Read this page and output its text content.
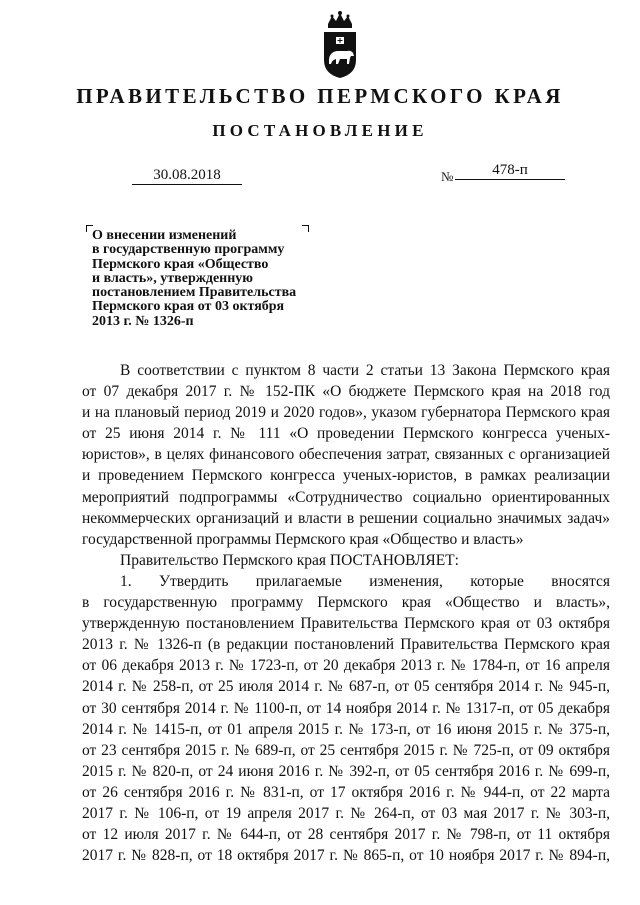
ПРАВИТЕЛЬСТВО ПЕРМСКОГО КРАЯ
ПОСТАНОВЛЕНИЕ
30.08.2018	№	478-п
О внесении изменений
в государственную программу
Пермского края «Общество
и власть», утвержденную
постановлением Правительства
Пермского края от 03 октября
2013 г. № 1326-п
В соответствии с пунктом 8 части 2 статьи 13 Закона Пермского края
от 07 декабря 2017 г. № 152-ПК «О бюджете Пермского края на 2018 год
и на плановый период 2019 и 2020 годов», указом губернатора Пермского края
от 25 июня 2014 г. № 111 «О проведении Пермского конгресса ученых-
юристов», в целях финансового обеспечения затрат, связанных с организацией
и проведением Пермского конгресса ученых-юристов, в рамках реализации
мероприятий подпрограммы «Сотрудничество социально ориентированных
некоммерческих организаций и власти в решении социально значимых задач»
государственной программы Пермского края «Общество и власть»
Правительство Пермского края ПОСТАНОВЛЯЕТ:
1. Утвердить прилагаемые изменения, которые вносятся
в государственную программу Пермского края «Общество и власть»,
утвержденную постановлением Правительства Пермского края от 03 октября
2013 г. № 1326-п (в редакции постановлений Правительства Пермского края
от 06 декабря 2013 г. № 1723-п, от 20 декабря 2013 г. № 1784-п, от 16 апреля
2014 г. № 258-п, от 25 июля 2014 г. № 687-п, от 05 сентября 2014 г. № 945-п,
от 30 сентября 2014 г. № 1100-п, от 14 ноября 2014 г. № 1317-п, от 05 декабря
2014 г. № 1415-п, от 01 апреля 2015 г. № 173-п, от 16 июня 2015 г. № 375-п,
от 23 сентября 2015 г. № 689-п, от 25 сентября 2015 г. № 725-п, от 09 октября
2015 г. № 820-п, от 24 июня 2016 г. № 392-п, от 05 сентября 2016 г. № 699-п,
от 26 сентября 2016 г. № 831-п, от 17 октября 2016 г. № 944-п, от 22 марта
2017 г. № 106-п, от 19 апреля 2017 г. № 264-п, от 03 мая 2017 г. № 303-п,
от 12 июля 2017 г. № 644-п, от 28 сентября 2017 г. № 798-п, от 11 октября
2017 г. № 828-п, от 18 октября 2017 г. № 865-п, от 10 ноября 2017 г. № 894-п,
